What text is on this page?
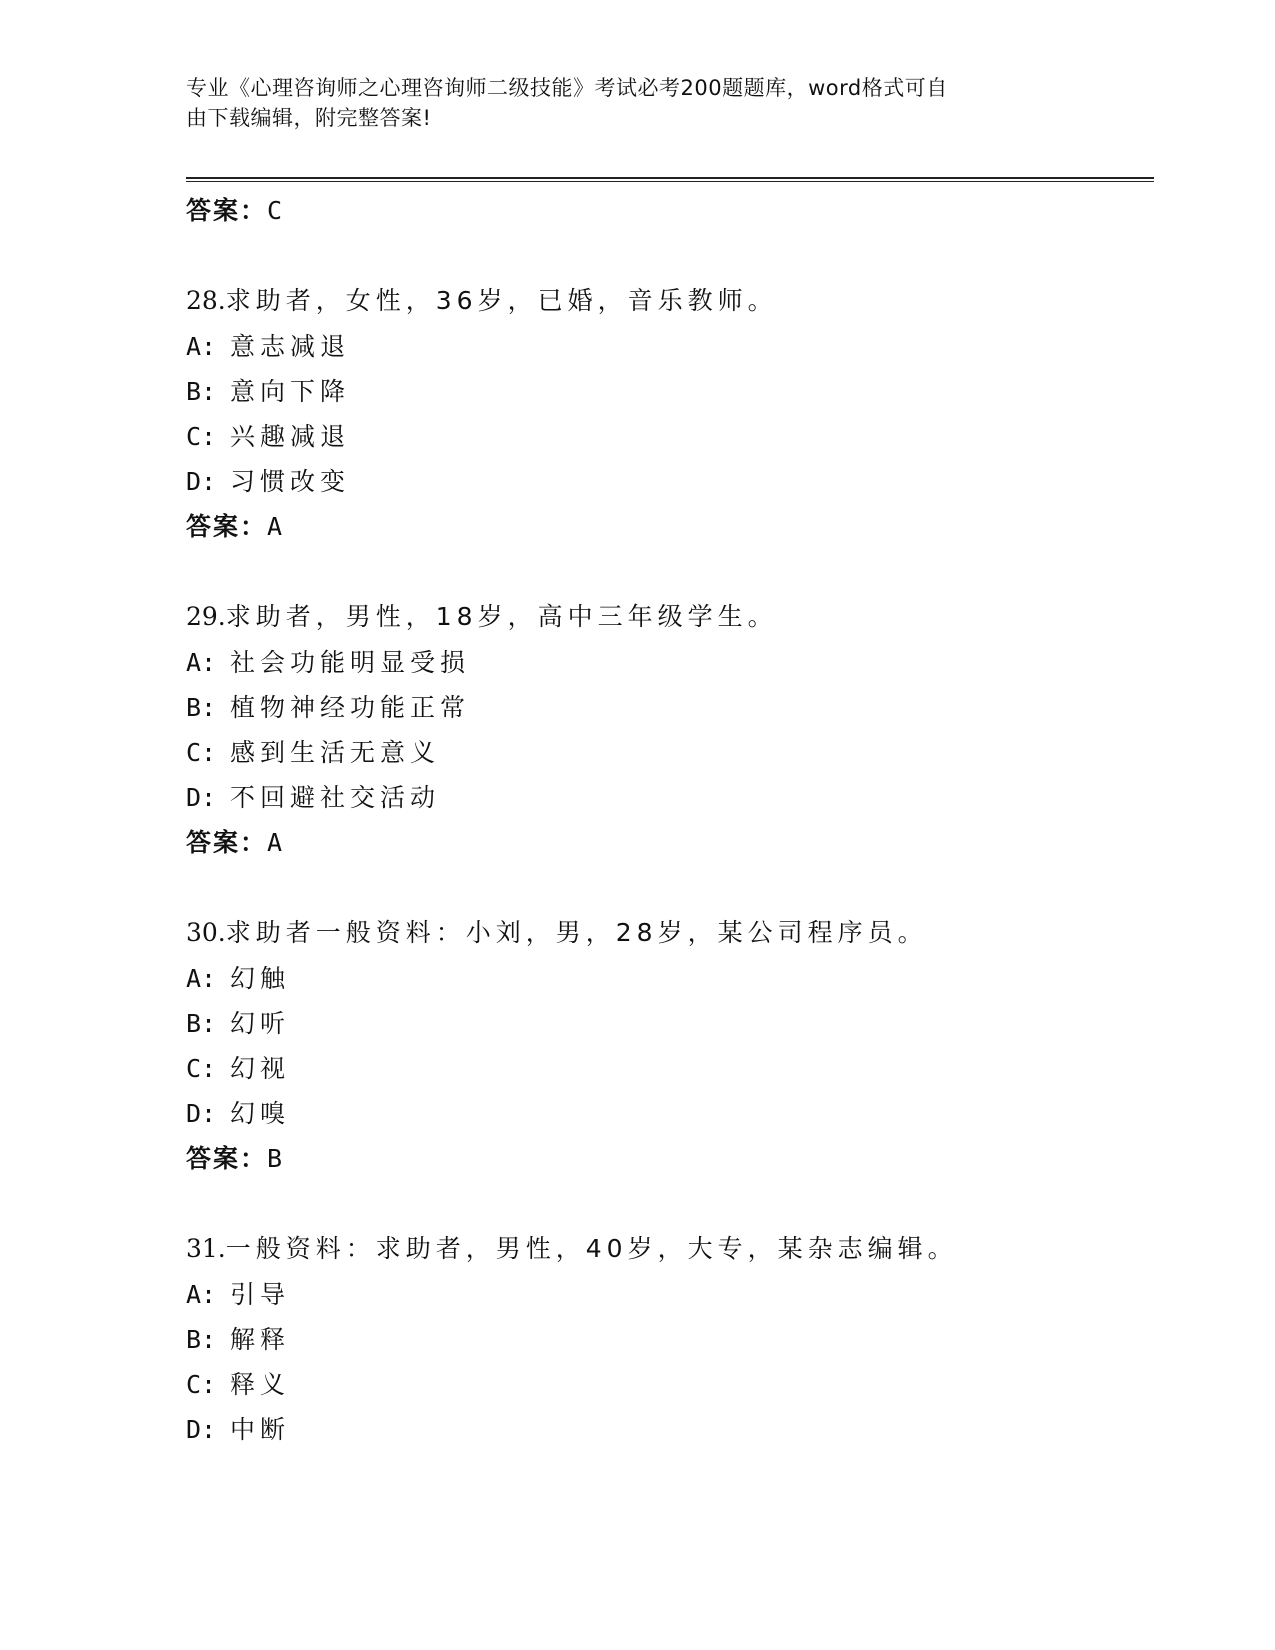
专业《心理咨询师之心理咨询师二级技能》考试必考200题题库，word格式可自
由下载编辑，附完整答案!
答案：C
28.求助者，女性，36岁，已婚，音乐教师。
A: 意志减退
B: 意向下降
C: 兴趣减退
D: 习惯改变
答案：A
29.求助者，男性，18岁，高中三年级学生。
A: 社会功能明显受损
B: 植物神经功能正常
C: 感到生活无意义
D: 不回避社交活动
答案：A
30.求助者一般资料：小刘，男，28岁，某公司程序员。
A: 幻触
B: 幻听
C: 幻视
D: 幻嗅
答案：B
31.一般资料：求助者，男性，40岁，大专，某杂志编辑。
A: 引导
B: 解释
C: 释义
D: 中断
